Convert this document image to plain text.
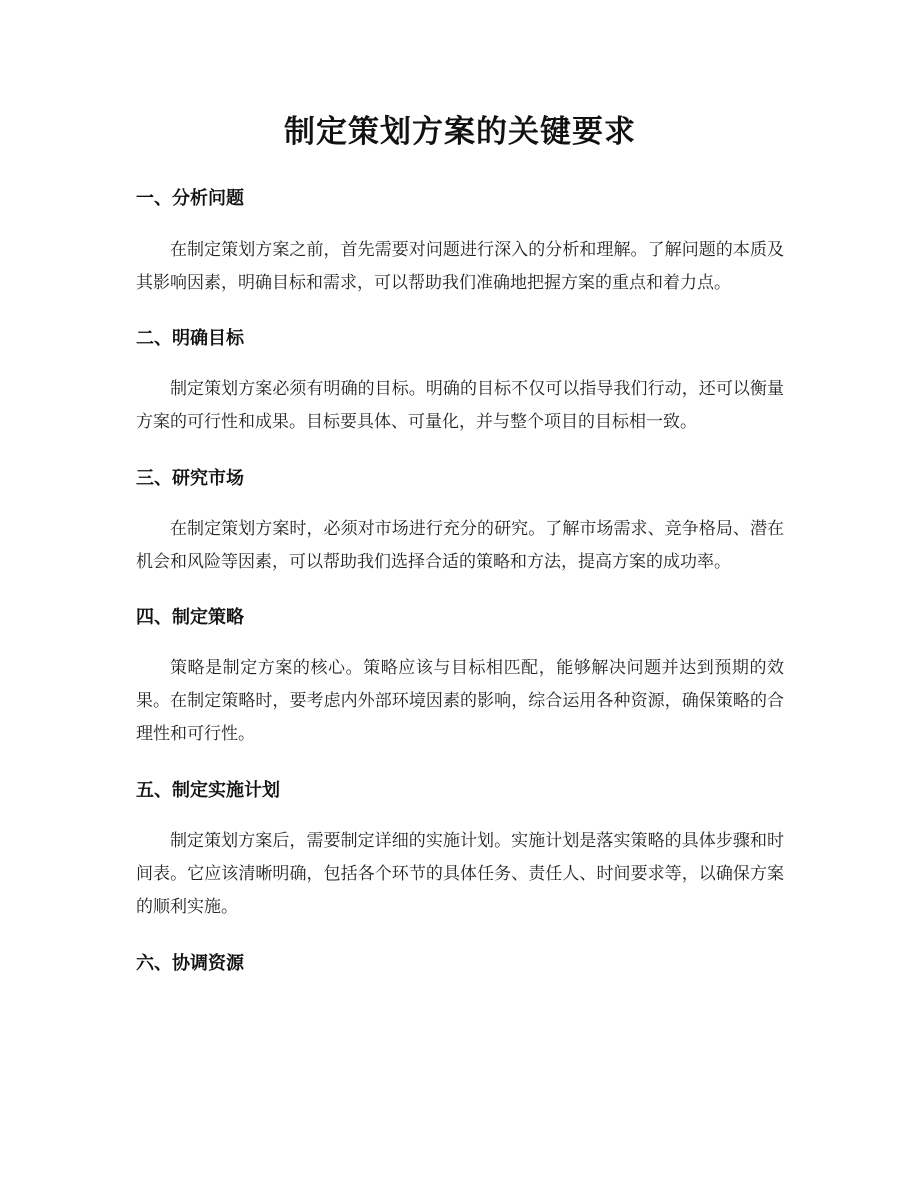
制定策划方案的关键要求
一、分析问题

在制定策划方案之前，首先需要对问题进行深入的分析和理解。了解问题的本质及其影响因素，明确目标和需求，可以帮助我们准确地把握方案的重点和着力点。

二、明确目标

制定策划方案必须有明确的目标。明确的目标不仅可以指导我们行动，还可以衡量方案的可行性和成果。目标要具体、可量化，并与整个项目的目标相一致。

三、研究市场

在制定策划方案时，必须对市场进行充分的研究。了解市场需求、竞争格局、潜在机会和风险等因素，可以帮助我们选择合适的策略和方法，提高方案的成功率。

四、制定策略

策略是制定方案的核心。策略应该与目标相匹配，能够解决问题并达到预期的效果。在制定策略时，要考虑内外部环境因素的影响，综合运用各种资源，确保策略的合理性和可行性。

五、制定实施计划

制定策划方案后，需要制定详细的实施计划。实施计划是落实策略的具体步骤和时间表。它应该清晰明确，包括各个环节的具体任务、责任人、时间要求等，以确保方案的顺利实施。

六、协调资源
